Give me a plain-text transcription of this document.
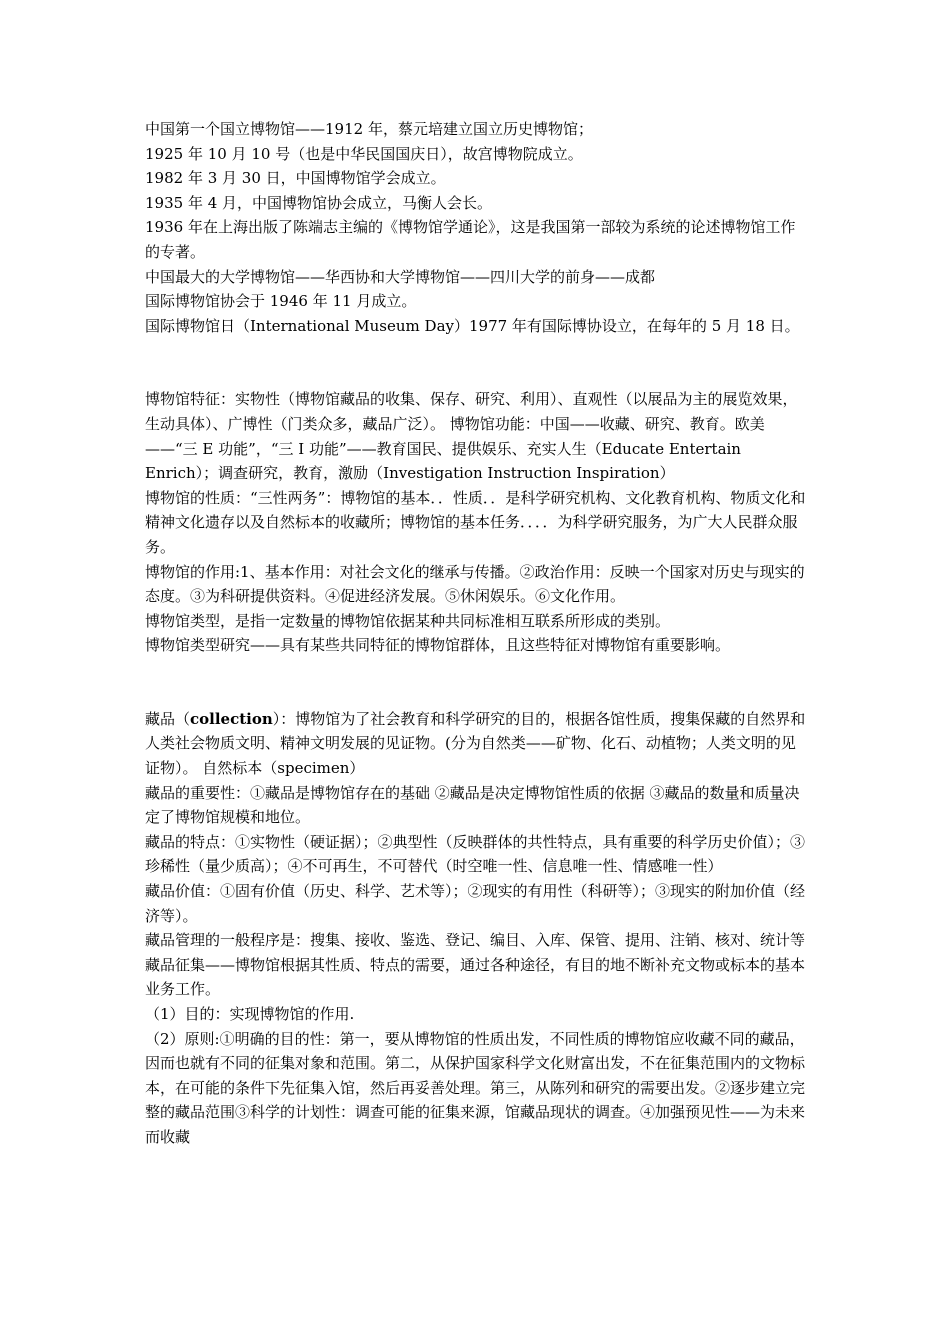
中国第一个国立博物馆——1912 年，蔡元培建立国立历史博物馆；

1925 年 10 月 10 号（也是中华民国国庆日），故宫博物院成立。

1982 年 3 月 30 日，中国博物馆学会成立。

1935 年 4 月，中国博物馆协会成立，马衡人会长。

1936 年在上海出版了陈端志主编的《博物馆学通论》，这是我国第一部较为系统的论述博物馆工作的专著。

中国最大的大学博物馆——华西协和大学博物馆——四川大学的前身——成都

国际博物馆协会于 1946 年 11 月成立。

国际博物馆日（International Museum Day）1977 年有国际博协设立，在每年的 5 月 18 日。

博物馆特征：实物性（博物馆藏品的收集、保存、研究、利用）、直观性（以展品为主的展览效果，生动具体）、广博性（门类众多，藏品广泛）。 博物馆功能：中国——收藏、研究、教育。欧美——“三 E 功能”，“三 I 功能”——教育国民、提供娱乐、充实人生（Educate Entertain Enrich）；调查研究，教育，激励（Investigation Instruction Inspiration）

博物馆的性质：“三性两务”：博物馆的基本．．性质．．是科学研究机构、文化教育机构、物质文化和精神文化遗存以及自然标本的收藏所；博物馆的基本任务．．．．为科学研究服务，为广大人民群众服务。

博物馆的作用:1、基本作用：对社会文化的继承与传播。②政治作用：反映一个国家对历史与现实的态度。③为科研提供资料。④促进经济发展。⑤休闲娱乐。⑥文化作用。

博物馆类型，是指一定数量的博物馆依据某种共同标准相互联系所形成的类别。

博物馆类型研究——具有某些共同特征的博物馆群体，且这些特征对博物馆有重要影响。

藏品（collection）：博物馆为了社会教育和科学研究的目的，根据各馆性质，搜集保藏的自然界和人类社会物质文明、精神文明发展的见证物。(分为自然类——矿物、化石、动植物；人类文明的见证物）。 自然标本（specimen）

藏品的重要性：①藏品是博物馆存在的基础 ②藏品是决定博物馆性质的依据 ③藏品的数量和质量决定了博物馆规模和地位。

藏品的特点：①实物性（硬证据）；②典型性（反映群体的共性特点，具有重要的科学历史价值）；③珍稀性（量少质高）；④不可再生，不可替代（时空唯一性、信息唯一性、情感唯一性）

藏品价值：①固有价值（历史、科学、艺术等）；②现实的有用性（科研等）；③现实的附加价值（经济等）。

藏品管理的一般程序是：搜集、接收、鉴选、登记、编目、入库、保管、提用、注销、核对、统计等

藏品征集——博物馆根据其性质、特点的需要，通过各种途径，有目的地不断补充文物或标本的基本业务工作。

（1）目的：实现博物馆的作用.

（2）原则:①明确的目的性：第一，要从博物馆的性质出发，不同性质的博物馆应收藏不同的藏品，因而也就有不同的征集对象和范围。第二，从保护国家科学文化财富出发，不在征集范围内的文物标本，在可能的条件下先征集入馆，然后再妥善处理。第三，从陈列和研究的需要出发。②逐步建立完整的藏品范围③科学的计划性：调查可能的征集来源，馆藏品现状的调查。④加强预见性——为未来而收藏
